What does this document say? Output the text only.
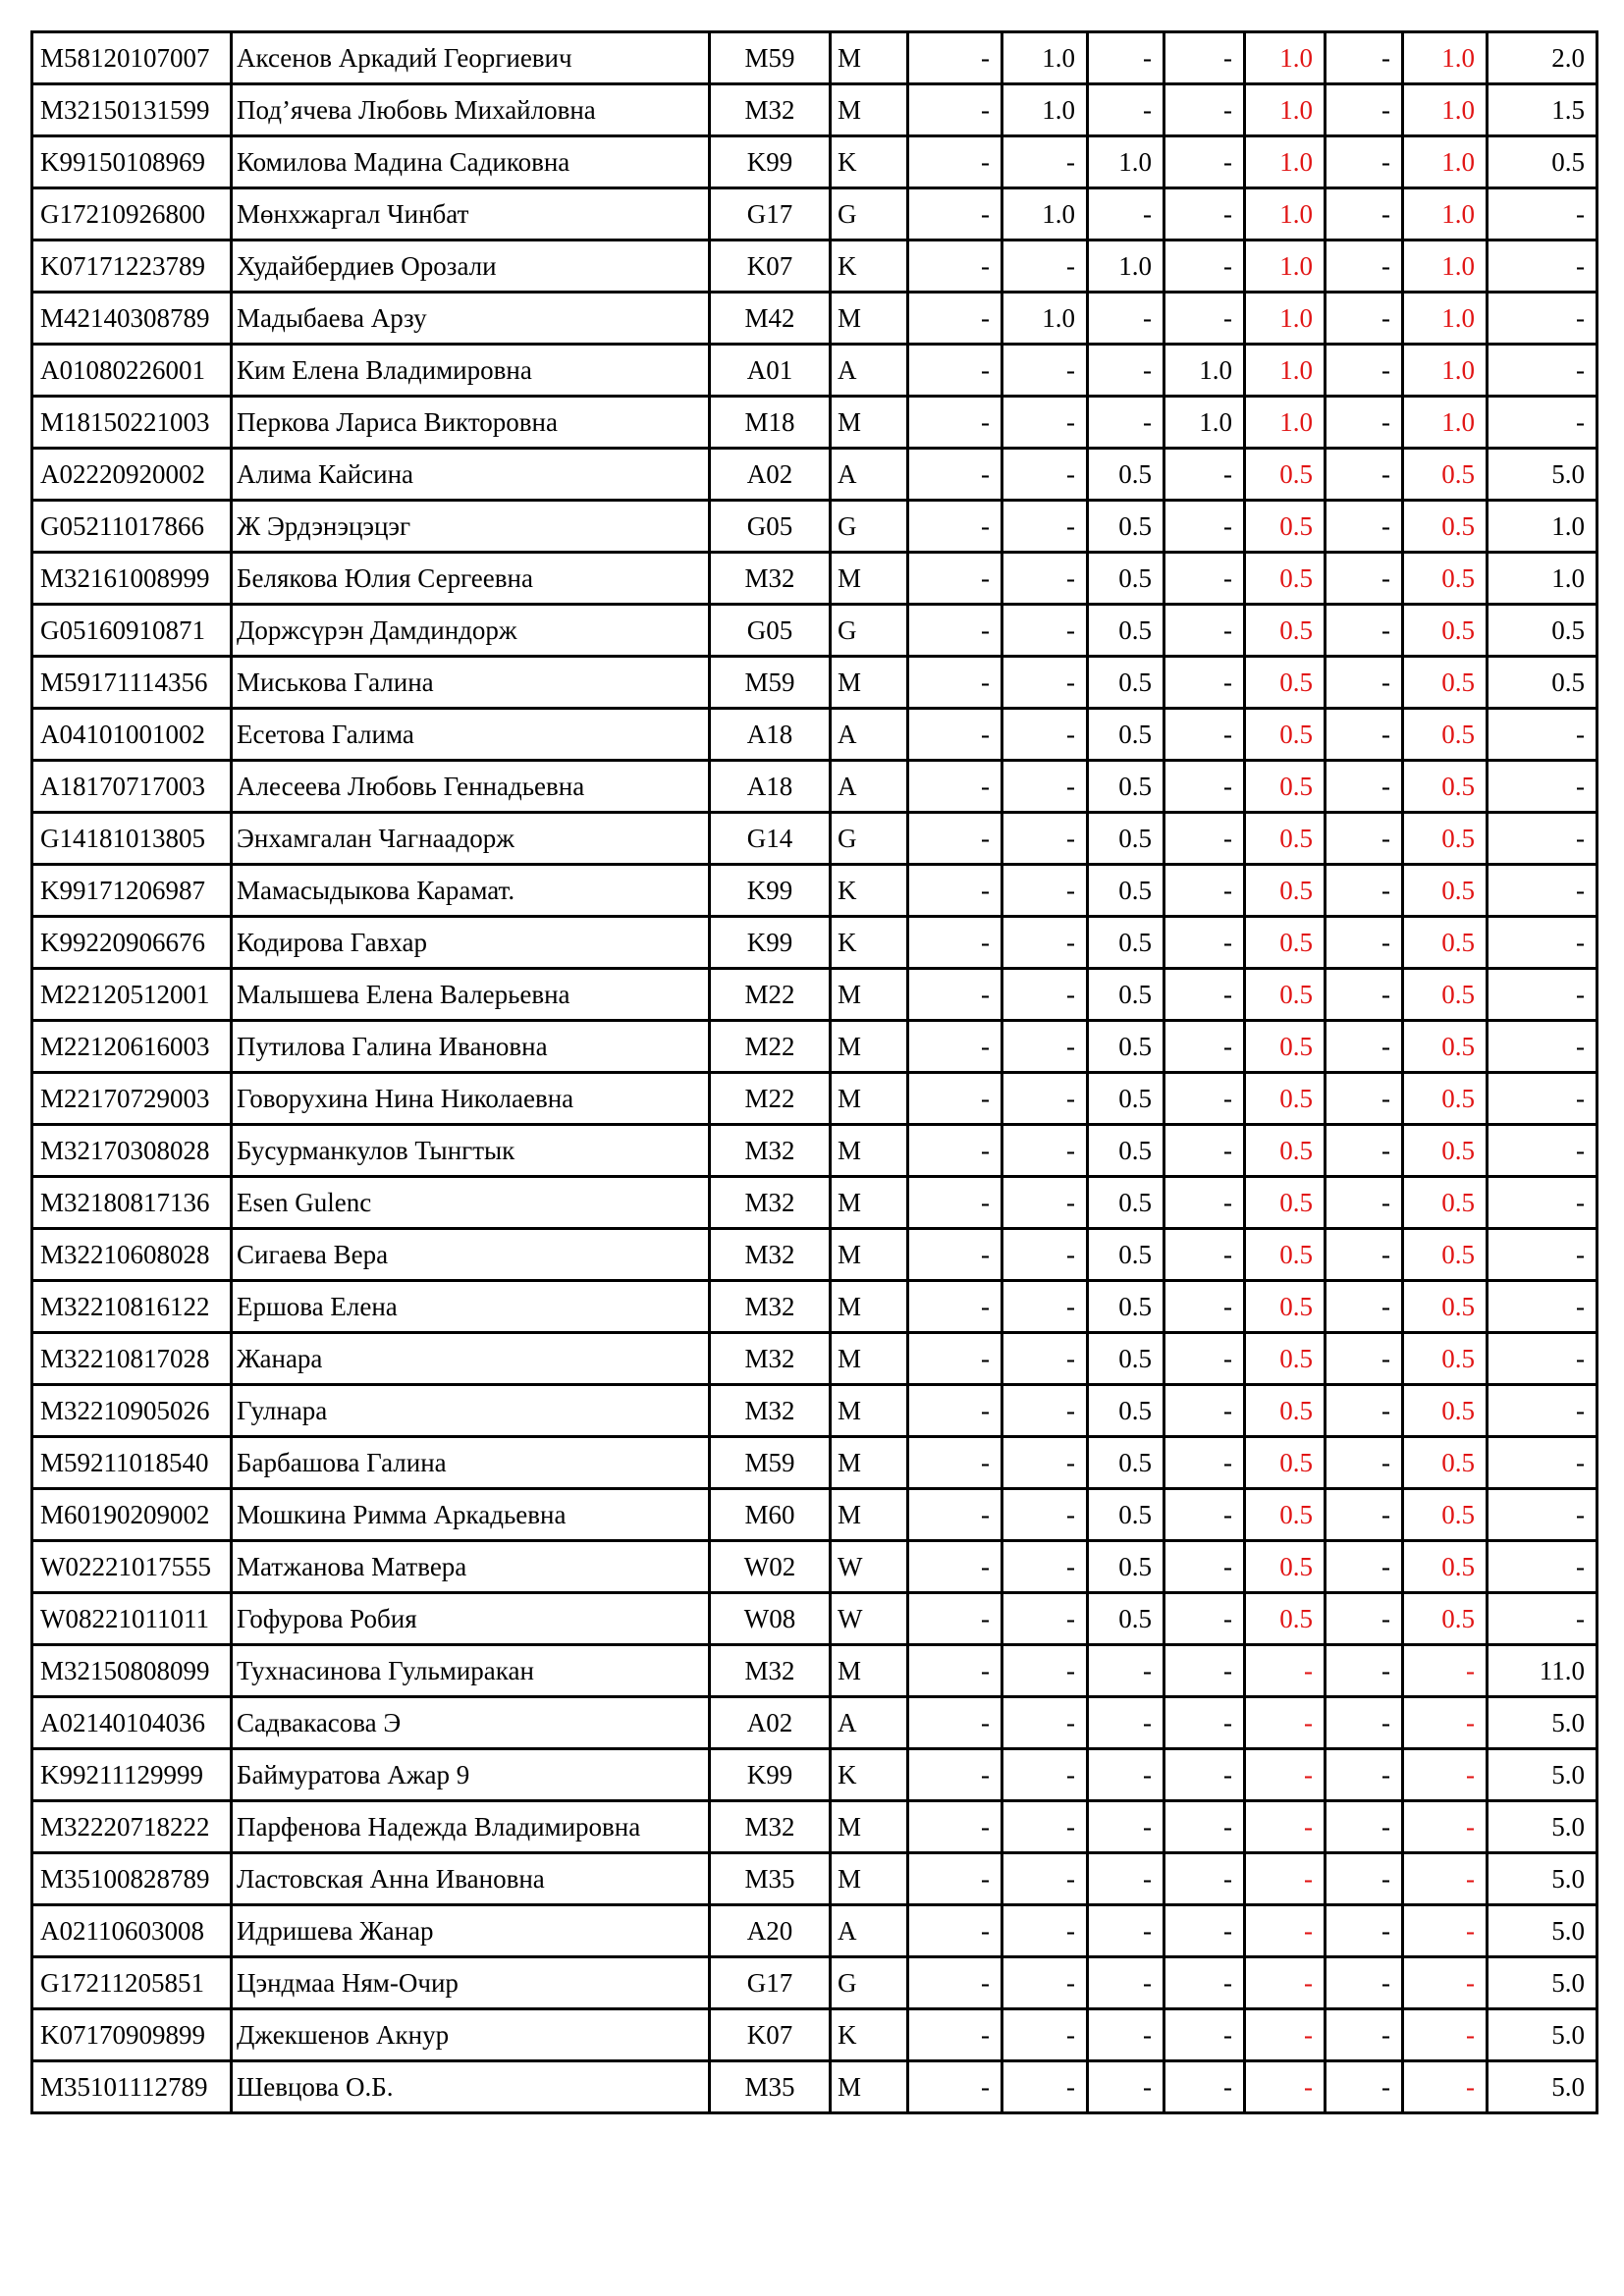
M58120107007	Аксенов Аркадий Георгиевич	M59	M	-	1.0	-	-	1.0	-	1.0	2.0
M32150131599	Под’ячева Любовь Михайловна	M32	M	-	1.0	-	-	1.0	-	1.0	1.5
K99150108969	Комилова Мадина Садиковна	K99	K	-	-	1.0	-	1.0	-	1.0	0.5
G17210926800	Мөнхжаргал Чинбат	G17	G	-	1.0	-	-	1.0	-	1.0	-
K07171223789	Худайбердиев Орозали	K07	K	-	-	1.0	-	1.0	-	1.0	-
M42140308789	Мадыбаева Арзу	M42	M	-	1.0	-	-	1.0	-	1.0	-
A01080226001	Ким Елена Владимировна	A01	A	-	-	-	1.0	1.0	-	1.0	-
M18150221003	Перкова Лариса Викторовна	M18	M	-	-	-	1.0	1.0	-	1.0	-
A02220920002	Алима Кайсина	A02	A	-	-	0.5	-	0.5	-	0.5	5.0
G05211017866	Ж Эрдэнэцэцэг	G05	G	-	-	0.5	-	0.5	-	0.5	1.0
M32161008999	Белякова Юлия Сергеевна	M32	M	-	-	0.5	-	0.5	-	0.5	1.0
G05160910871	Доржсүрэн Дамдиндорж	G05	G	-	-	0.5	-	0.5	-	0.5	0.5
M59171114356	Миськова Галина	M59	M	-	-	0.5	-	0.5	-	0.5	0.5
A04101001002	Есетова Галима	A18	A	-	-	0.5	-	0.5	-	0.5	-
A18170717003	Алесеева Любовь Геннадьевна	A18	A	-	-	0.5	-	0.5	-	0.5	-
G14181013805	Энхамгалан Чагнаадорж	G14	G	-	-	0.5	-	0.5	-	0.5	-
K99171206987	Мамасыдыкова Карамат.	K99	K	-	-	0.5	-	0.5	-	0.5	-
K99220906676	Кодирова Гавхар	K99	K	-	-	0.5	-	0.5	-	0.5	-
M22120512001	Малышева Елена Валерьевна	M22	M	-	-	0.5	-	0.5	-	0.5	-
M22120616003	Путилова Галина Ивановна	M22	M	-	-	0.5	-	0.5	-	0.5	-
M22170729003	Говорухина Нина Николаевна	M22	M	-	-	0.5	-	0.5	-	0.5	-
M32170308028	Бусурманкулов Тынгтык	M32	M	-	-	0.5	-	0.5	-	0.5	-
M32180817136	Esen Gulenc	M32	M	-	-	0.5	-	0.5	-	0.5	-
M32210608028	Сигаева Вера	M32	M	-	-	0.5	-	0.5	-	0.5	-
M32210816122	Ершова Елена	M32	M	-	-	0.5	-	0.5	-	0.5	-
M32210817028	Жанара	M32	M	-	-	0.5	-	0.5	-	0.5	-
M32210905026	Гулнара	M32	M	-	-	0.5	-	0.5	-	0.5	-
M59211018540	Барбашова Галина	M59	M	-	-	0.5	-	0.5	-	0.5	-
M60190209002	Мошкина Римма Аркадьевна	M60	M	-	-	0.5	-	0.5	-	0.5	-
W02221017555	Матжанова Матвера	W02	W	-	-	0.5	-	0.5	-	0.5	-
W08221011011	Гофурова Робия	W08	W	-	-	0.5	-	0.5	-	0.5	-
M32150808099	Тухнасинова Гульмиракан	M32	M	-	-	-	-	-	-	-	11.0
A02140104036	Садвакасова Э	A02	A	-	-	-	-	-	-	-	5.0
K99211129999	Баймуратова Ажар 9	K99	K	-	-	-	-	-	-	-	5.0
M32220718222	Парфенова Надежда Владимировна	M32	M	-	-	-	-	-	-	-	5.0
M35100828789	Ластовская Анна Ивановна	M35	M	-	-	-	-	-	-	-	5.0
A02110603008	Идришева Жанар	A20	A	-	-	-	-	-	-	-	5.0
G17211205851	Цэндмаа Ням-Очир	G17	G	-	-	-	-	-	-	-	5.0
K07170909899	Джекшенов Акнур	K07	K	-	-	-	-	-	-	-	5.0
M35101112789	Шевцова О.Б.	M35	M	-	-	-	-	-	-	-	5.0
